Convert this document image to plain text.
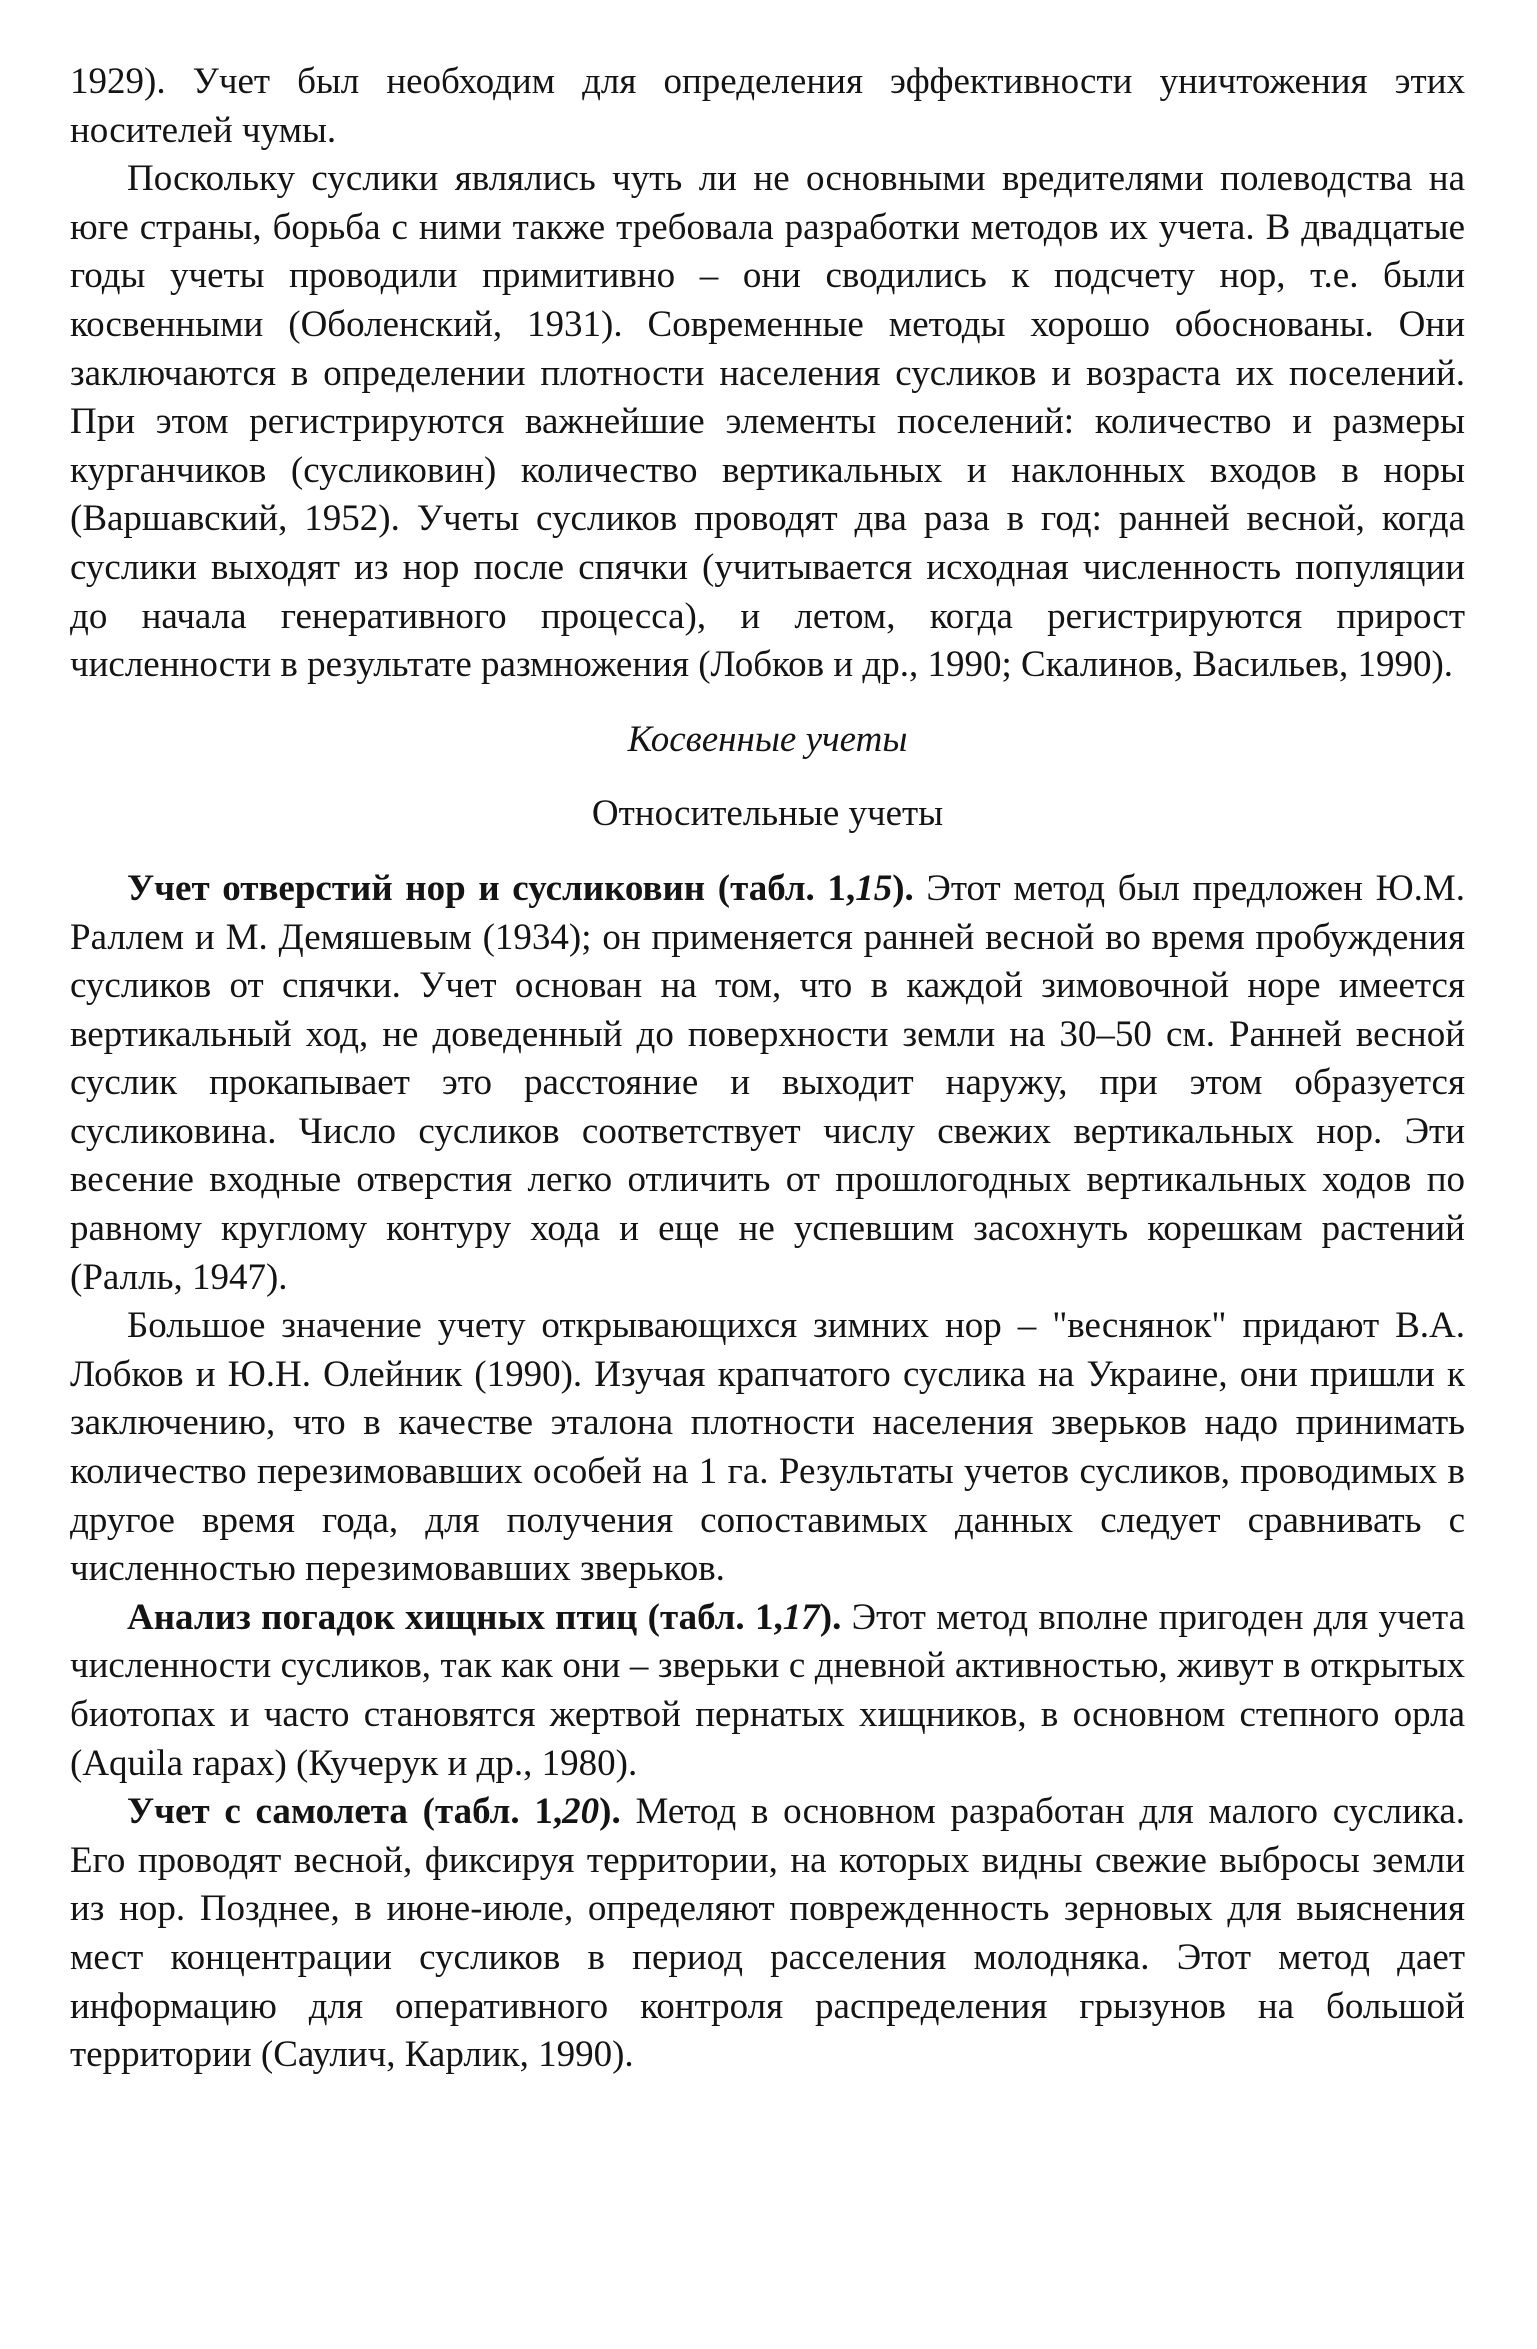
1929). Учет был необходим для определения эффективности уничтожения этих носителей чумы.

Поскольку суслики являлись чуть ли не основными вредителями полеводства на юге страны, борьба с ними также требовала разработки методов их учета. В двадцатые годы учеты проводили примитивно – они сводились к подсчету нор, т.е. были косвенными (Оболенский, 1931). Современные методы хорошо обоснованы. Они заключаются в определении плотности населения сусликов и возраста их поселений. При этом регистрируются важнейшие элементы поселений: количество и размеры курганчиков (сусликовин) количество вертикальных и наклонных входов в норы (Варшавский, 1952). Учеты сусликов проводят два раза в год: ранней весной, когда суслики выходят из нор после спячки (учитывается исходная численность популяции до начала генеративного процесса), и летом, когда регистрируются прирост численности в результате размножения (Лобков и др., 1990; Скалинов, Васильев, 1990).

Косвенные учеты

Относительные учеты

Учет отверстий нор и сусликовин (табл. 1,15). Этот метод был предложен Ю.М. Раллем и М. Демяшевым (1934); он применяется ранней весной во время пробуждения сусликов от спячки. Учет основан на том, что в каждой зимовочной норе имеется вертикальный ход, не доведенный до поверхности земли на 30–50 см. Ранней весной суслик прокапывает это расстояние и выходит наружу, при этом образуется сусликовина. Число сусликов соответствует числу свежих вертикальных нор. Эти весение входные отверстия легко отличить от прошлогодных вертикальных ходов по равному круглому контуру хода и еще не успевшим засохнуть корешкам растений (Ралль, 1947).

Большое значение учету открывающихся зимних нор – "веснянок" придают В.А. Лобков и Ю.Н. Олейник (1990). Изучая крапчатого суслика на Украине, они пришли к заключению, что в качестве эталона плотности населения зверьков надо принимать количество перезимовавших особей на 1 га. Результаты учетов сусликов, проводимых в другое время года, для получения сопоставимых данных следует сравнивать с численностью перезимовавших зверьков.

Анализ погадок хищных птиц (табл. 1,17). Этот метод вполне пригоден для учета численности сусликов, так как они – зверьки с дневной активностью, живут в открытых биотопах и часто становятся жертвой пернатых хищников, в основном степного орла (Aquila rapax) (Кучерук и др., 1980).

Учет с самолета (табл. 1,20). Метод в основном разработан для малого суслика. Его проводят весной, фиксируя территории, на которых видны свежие выбросы земли из нор. Позднее, в июне-июле, определяют поврежденность зерновых для выяснения мест концентрации сусликов в период расселения молодняка. Этот метод дает информацию для оперативного контроля распределения грызунов на большой территории (Саулич, Карлик, 1990).
